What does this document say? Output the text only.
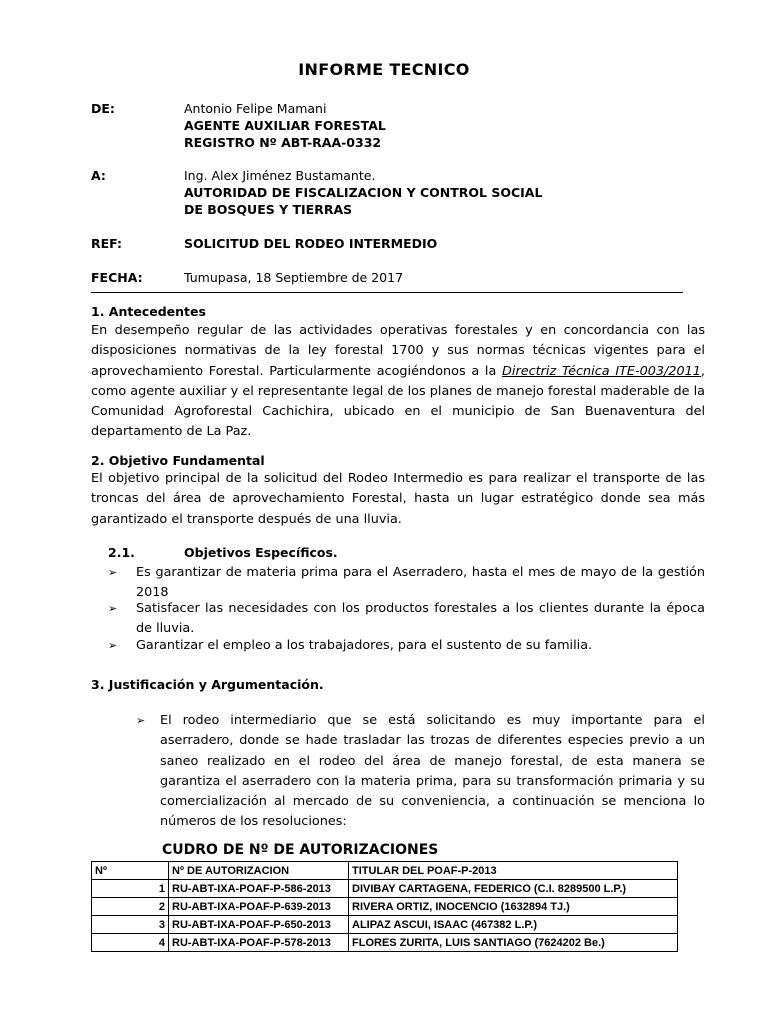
INFORME TECNICO
DE:	Antonio Felipe Mamani
AGENTE AUXILIAR FORESTAL
REGISTRO Nº ABT-RAA-0332
A:	Ing. Alex Jiménez Bustamante.
AUTORIDAD DE FISCALIZACION Y CONTROL SOCIAL
DE BOSQUES Y TIERRAS
REF:	SOLICITUD DEL RODEO INTERMEDIO
FECHA:	Tumupasa, 18 Septiembre de 2017
1. Antecedentes
En desempeño regular de las actividades operativas forestales y en concordancia con las disposiciones normativas de la ley forestal 1700 y sus normas técnicas vigentes para el aprovechamiento Forestal. Particularmente acogiéndonos a la Directriz Técnica ITE-003/2011, como agente auxiliar y el representante legal de los planes de manejo forestal maderable de la Comunidad Agroforestal Cachichira, ubicado en el municipio de San Buenaventura del departamento de La Paz.
2. Objetivo Fundamental
El objetivo principal de la solicitud del Rodeo Intermedio es para realizar el transporte de las troncas del área de aprovechamiento Forestal, hasta un lugar estratégico donde sea más garantizado el transporte después de una lluvia.
2.1.	Objetivos Específicos.
➢ Es garantizar de materia prima para el Aserradero, hasta el mes de mayo de la gestión 2018
➢ Satisfacer las necesidades con los productos forestales a los clientes durante la época de lluvia.
➢ Garantizar el empleo a los trabajadores, para el sustento de su familia.
3. Justificación y Argumentación.
➢ El rodeo intermediario que se está solicitando es muy importante para el aserradero, donde se hade trasladar las trozas de diferentes especies previo a un saneo realizado en el rodeo del área de manejo forestal, de esta manera se garantiza el aserradero con la materia prima, para su transformación primaria y su comercialización al mercado de su conveniencia, a continuación se menciona lo números de los resoluciones:
CUDRO DE Nº DE AUTORIZACIONES
Nº	Nº DE AUTORIZACION	TITULAR DEL POAF-P-2013
1	RU-ABT-IXA-POAF-P-586-2013	DIVIBAY CARTAGENA, FEDERICO (C.I. 8289500 L.P.)
2	RU-ABT-IXA-POAF-P-639-2013	RIVERA ORTIZ, INOCENCIO (1632894 TJ.)
3	RU-ABT-IXA-POAF-P-650-2013	ALIPAZ ASCUI, ISAAC (467382 L.P.)
4	RU-ABT-IXA-POAF-P-578-2013	FLORES ZURITA, LUIS SANTIAGO (7624202 Be.)
